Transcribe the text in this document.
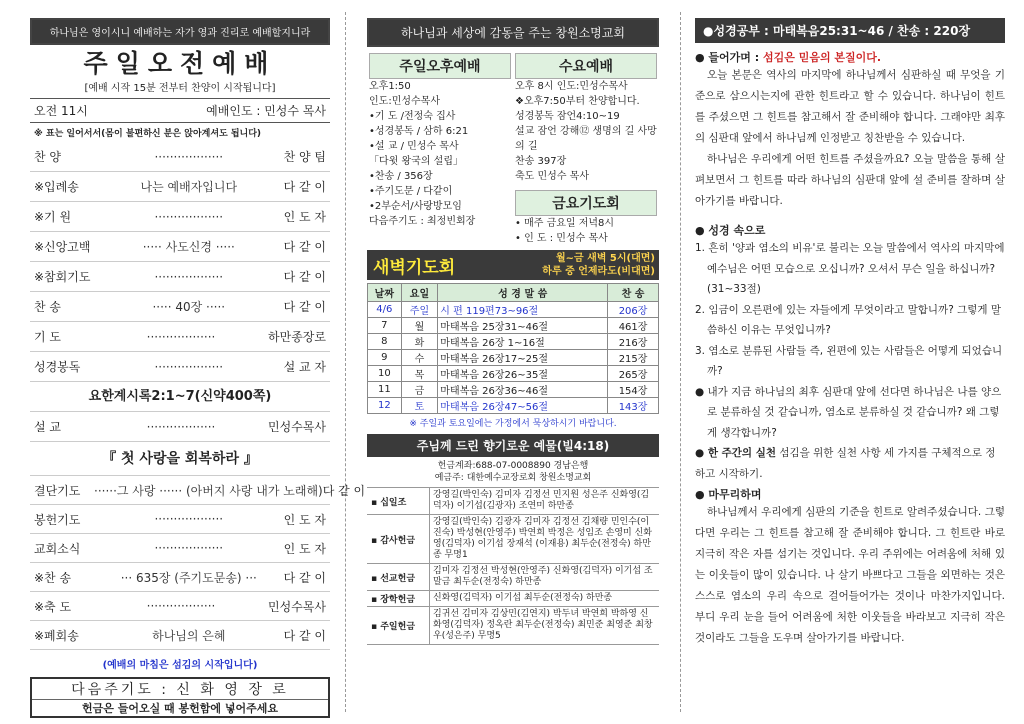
하나님은 영이시니 예배하는 자가 영과 진리로 예배할지니라
주일오전예배
[예배 시작 15분 전부터 찬양이 시작됩니다]
오전 11시	예배인도 : 민성수 목사
※ 표는 일어서서(몸이 불편하신 분은 앉아계셔도 됩니다)
찬 양	··················	찬 양 팀
※입례송	나는 예배자입니다	다 같 이
※기 원	··················	인 도 자
※신앙고백	····· 사도신경 ·····	다 같 이
※참회기도	··················	다 같 이
찬 송	····· 40장 ·····	다 같 이
기 도	··················	하만종장로
성경봉독	··················	설 교 자
요한계시록2:1~7(신약400쪽)
설 교	··················	민성수목사
『 첫 사랑을 회복하라 』
결단기도	······그 사랑 ······ (아버지 사랑 내가 노래해) 다 같 이
봉헌기도	··················	인 도 자
교회소식	··················	인 도 자
※찬 송	··· 635장 (주기도문송) ···	다 같 이
※축 도	··················	민성수목사
※폐회송	하나님의 은혜	다 같 이
(예배의 마침은 섬김의 시작입니다)
다음주기도 : 신 화 영 장 로
헌금은 들어오실 때 봉헌함에 넣어주세요
하나님과 세상에 감동을 주는 창원소명교회
주일오후예배
오후1:50
인도:민성수목사
•기 도 /전정숙 집사
•성경봉독 / 삼하 6:21
•설 교 / 민성수 목사
「다윗 왕국의 설립」
•찬송 / 356장
•주기도문 / 다같이
•2부순서/사랑방모임
다음주기도 : 최정빈회장
수요예배
오후 8시 인도:민성수목사
❖오후7:50부터 찬양합니다.
성경봉독 잠언4:10~19
설교 잠언 강해⑫ 생명의 길 사망의 길
찬송 397장
축도 민성수 목사
금요기도회
• 매주 금요일 저녁8시
• 인 도 : 민성수 목사
새벽기도회	월~금 새벽 5시(대면)
하루 중 언제라도(비대면)
날짜	요일	성 경 말 씀	찬 송
4/6	주일	시 편 119편73~96절	206장
7	월	마태복음 25장31~46절	461장
8	화	마태복음 26장 1~16절	216장
9	수	마태복음 26장17~25절	215장
10	목	마태복음 26장26~35절	265장
11	금	마태복음 26장36~46절	154장
12	토	마태복음 26장47~56절	143장
※ 주일과 토요일에는 가정에서 묵상하시기 바랍니다.
주님께 드린 향기로운 예물(빌4:18)
헌금계좌:688-07-0008890 경남은행
예금주: 대한예수교장로회 창원소명교회
▪ 십일조
강영길(박인숙) 김미자 김정선 민지원 성은주 신화영(김덕자) 이기섭(김광자) 조연미 하만종
▪ 감사헌금
강영길(박인숙) 김광자 김미자 김정선 김채량 민인수(이진숙) 박성현(안영주) 박연희 박정은 성임조 손영미 신화영(김덕자) 이기섭 장재석 (이재용) 최두순(전정숙) 하만종 무명1
▪ 선교헌금
김미자 김정선 박성현(안영주) 신화영(김덕자) 이기섭 조말금 최두순(전정숙) 하만종
▪ 장학헌금	신화영(김덕자) 이기섭 최두순(전정숙) 하만종
▪ 주일헌금
김귀선 김미자 김상민(김연지) 박두녀 박연희 박하영 신화영(김덕자) 정옥란 최두순(전정숙) 최민준 최영준 최창우(성은주) 무명5
●성경공부 : 마태복음25:31~46 / 찬송 : 220장
● 들어가며 : 섬김은 믿음의 본질이다.

오늘 본문은 역사의 마지막에 하나님께서 심판하실 때 무엇을 기준으로 삼으시는지에 관한 힌트라고 할 수 있습니다. 하나님이 힌트를 주셨으면 그 힌트를 참고해서 잘 준비해야 합니다. 그래야만 최후의 심판대 앞에서 하나님께 인정받고 칭찬받을 수 있습니다.

하나님은 우리에게 어떤 힌트를 주셨을까요? 오늘 말씀을 통해 살펴보면서 그 힌트를 따라 하나님의 심판대 앞에 설 준비를 잘하며 살아가기를 바랍니다.

● 성경 속으로

1. 흔히 '양과 염소의 비유'로 불리는 오늘 말씀에서 역사의 마지막에 예수님은 어떤 모습으로 오십니까? 오셔서 무슨 일을 하십니까? (31~33절)

2. 임금이 오른편에 있는 자들에게 무엇이라고 말합니까? 그렇게 말씀하신 이유는 무엇입니까?

3. 염소로 분류된 사람들 즉, 왼편에 있는 사람들은 어떻게 되었습니까?

● 내가 지금 하나님의 최후 심판대 앞에 선다면 하나님은 나를 양으로 분류하실 것 같습니까, 염소로 분류하실 것 같습니까? 왜 그렇게 생각합니까?

● 한 주간의 실천 섬김을 위한 실천 사항 세 가지를 구체적으로 정하고 시작하기.

● 마무리하며

하나님께서 우리에게 심판의 기준을 힌트로 알려주셨습니다. 그렇다면 우리는 그 힌트를 참고해 잘 준비해야 합니다. 그 힌트란 바로 지극히 작은 자를 섬기는 것입니다. 우리 주위에는 어려움에 처해 있는 이웃들이 많이 있습니다. 나 살기 바쁘다고 그들을 외면하는 것은 스스로 염소의 우리 속으로 걸어들어가는 것이나 마찬가지입니다. 부디 우리 눈을 들어 어려움에 처한 이웃들을 바라보고 지극히 작은 것이라도 그들을 도우며 살아가기를 바랍니다.
